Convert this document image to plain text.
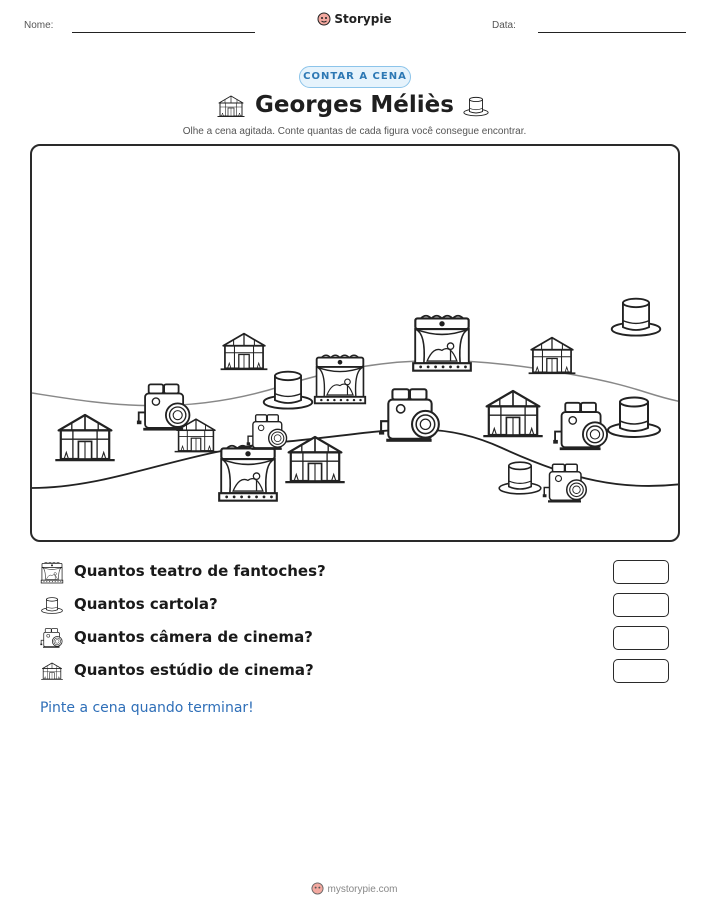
Nome:	Storypie	Data:
CONTAR A CENA
Georges Méliès
Olhe a cena agitada. Conte quantas de cada figura você consegue encontrar.
Quantos teatro de fantoches?
Quantos cartola?
Quantos câmera de cinema?
Quantos estúdio de cinema?
Pinte a cena quando terminar!
mystorypie.com
